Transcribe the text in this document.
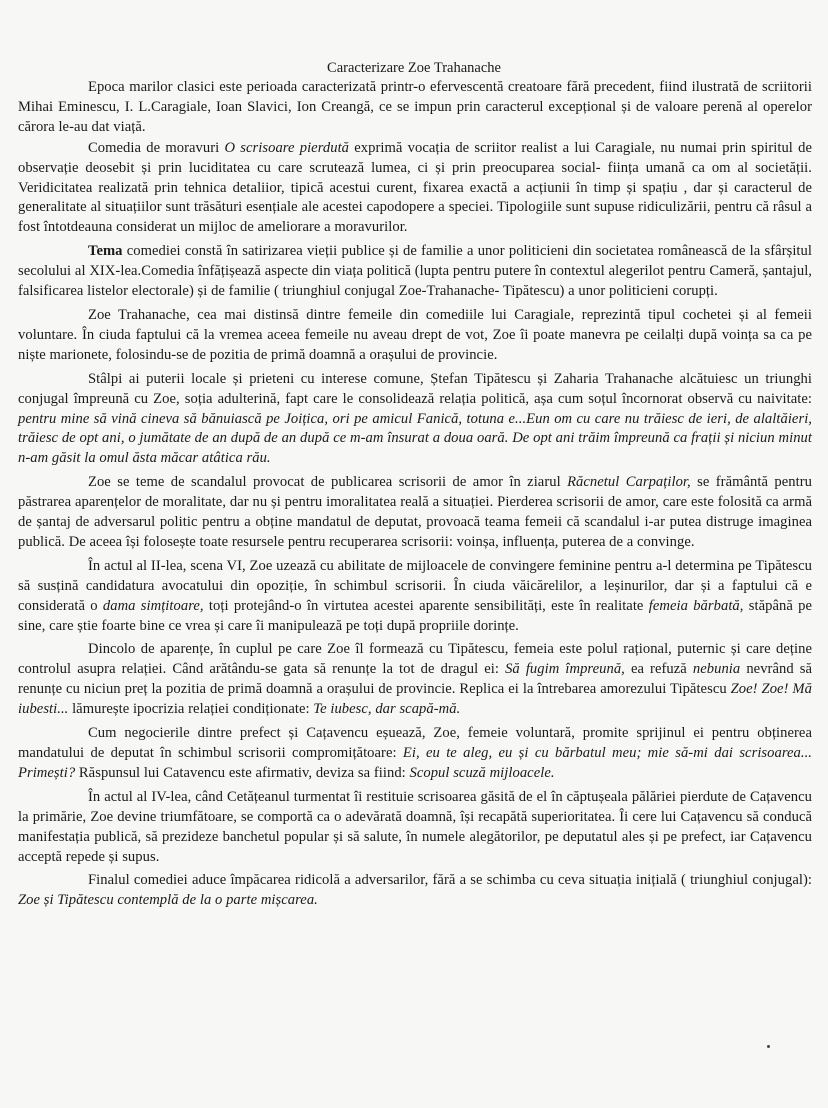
Caracterizare Zoe Trahanache

Epoca marilor clasici este perioada caracterizată printr-o efervescentă creatoare fără precedent, fiind ilustrată de scriitorii Mihai Eminescu, I. L.Caragiale, Ioan Slavici, Ion Creangă, ce se impun prin caracterul excepțional și de valoare perenă al operelor cărora le-au dat viață.

Comedia de moravuri O scrisoare pierdută exprimă vocația de scriitor realist a lui Caragiale, nu numai prin spiritul de observație deosebit și prin luciditatea cu care scrutează lumea, ci și prin preocuparea social- ființa umană ca om al societății. Veridicitatea realizată prin tehnica detaliior, tipică acestui curent, fixarea exactă a acțiunii în timp și spațiu , dar și caracterul de generalitate al situațiilor sunt trăsături esențiale ale acestei capodopere a speciei. Tipologiile sunt supuse ridiculizării, pentru că râsul a fost întotdeauna considerat un mijloc de ameliorare a moravurilor.

Tema comediei constă în satirizarea vieții publice și de familie a unor politicieni din societatea românească de la sfârșitul secolului al XIX-lea.Comedia înfățișează aspecte din viața politică (lupta pentru putere în contextul alegerilot pentru Cameră, șantajul, falsificarea listelor electorale) și de familie ( triunghiul conjugal Zoe-Trahanache- Tipătescu) a unor politicieni corupți.

Zoe Trahanache, cea mai distinsă dintre femeile din comediile lui Caragiale, reprezintă tipul cochetei și al femeii voluntare. În ciuda faptului că la vremea aceea femeile nu aveau drept de vot, Zoe îi poate manevra pe ceilalți după voința sa ca pe niște marionete, folosindu-se de pozitia de primă doamnă a orașului de provincie.

Stâlpi ai puterii locale și prieteni cu interese comune, Ștefan Tipătescu și Zaharia Trahanache alcătuiesc un triunghi conjugal împreună cu Zoe, soția adulterină, fapt care le consolidează relația politică, așa cum soțul încornorat observă cu naivitate: pentru mine să vină cineva să bănuiască pe Joițica, ori pe amicul Fanică, totuna e...Eun om cu care nu trăiesc de ieri, de alaltăieri, trăiesc de opt ani, o jumătate de an după de an după ce m-am însurat a doua oară. De opt ani trăim împreună ca frații și niciun minut n-am găsit la omul ăsta măcar atâtica rău.

Zoe se teme de scandalul provocat de publicarea scrisorii de amor în ziarul Răcnetul Carpaților, se frământă pentru păstrarea aparențelor de moralitate, dar nu și pentru imoralitatea reală a situației. Pierderea scrisorii de amor, care este folosită ca armă de șantaj de adversarul politic pentru a obține mandatul de deputat, provoacă teama femeii că scandalul i-ar putea distruge imaginea publică. De aceea își folosește toate resursele pentru recuperarea scrisorii: voinșa, influența, puterea de a convinge.

În actul al II-lea, scena VI, Zoe uzează cu abilitate de mijloacele de convingere feminine pentru a-l determina pe Tipătescu să susțină candidatura avocatului din opoziție, în schimbul scrisorii. În ciuda văicărelilor, a leșinurilor, dar și a faptului că e considerată o dama simțitoare, toți protejând-o în virtutea acestei aparente sensibilități, este în realitate femeia bărbată, stăpână pe sine, care știe foarte bine ce vrea și care îi manipulează pe toți după propriile dorințe.

Dincolo de aparențe, în cuplul pe care Zoe îl formează cu Tipătescu, femeia este polul rațional, puternic și care deține controlul asupra relației. Când arătându-se gata să renunțe la tot de dragul ei: Să fugim împreună, ea refuză nebunia nevrând să renunțe cu niciun preț la pozitia de primă doamnă a orașului de provincie. Replica ei la întrebarea amorezului Tipătescu Zoe! Zoe! Mă iubesti... lămurește ipocrizia relației condiționate: Te iubesc, dar scapă-mă.

Cum negocierile dintre prefect și Cațavencu eșuează, Zoe, femeie voluntară, promite sprijinul ei pentru obținerea mandatului de deputat în schimbul scrisorii compromițătoare: Ei, eu te aleg, eu și cu bărbatul meu; mie să-mi dai scrisoarea... Primești? Răspunsul lui Catavencu este afirmativ, deviza sa fiind: Scopul scuză mijloacele.

În actul al IV-lea, când Cetățeanul turmentat îi restituie scrisoarea găsită de el în căptușeala pălăriei pierdute de Cațavencu la primărie, Zoe devine triumfătoare, se comportă ca o adevărată doamnă, își recapătă superioritatea. Îi cere lui Cațavencu să conducă manifestația publică, să prezideze banchetul popular și să salute, în numele alegătorilor, pe deputatul ales și pe prefect, iar Cațavencu acceptă repede și supus.

Finalul comediei aduce împăcarea ridicolă a adversarilor, fără a se schimba cu ceva situația inițială ( triunghiul conjugal): Zoe și Tipătescu contemplă de la o parte mișcarea.
